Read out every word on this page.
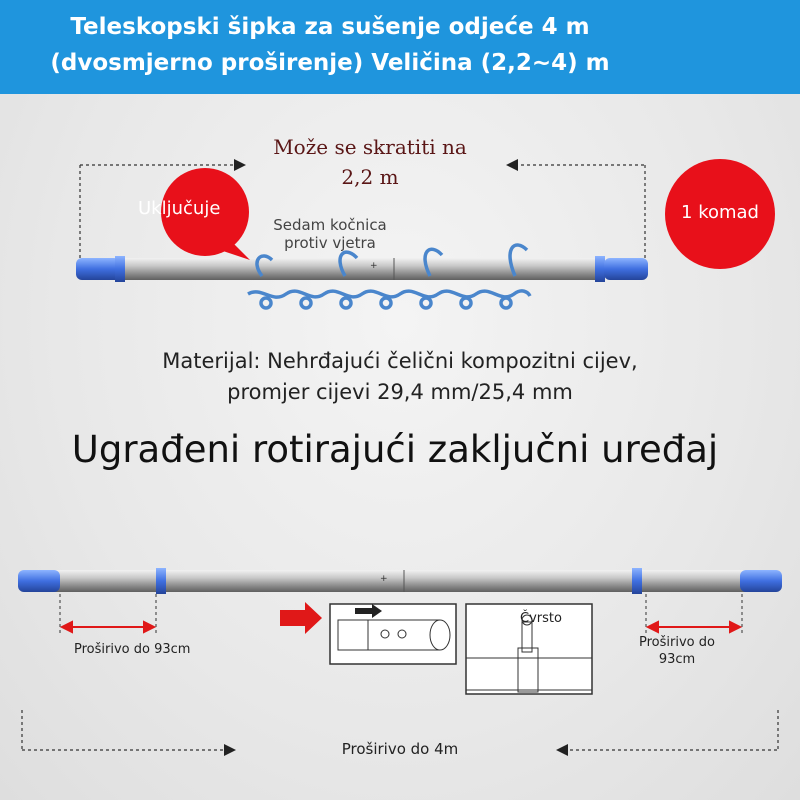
Teleskopski šipka za sušenje odjeće 4 m
(dvosmjerno proširenje) Veličina (2,2~4) m
+
Može se skratiti na
2,2 m
Uključuje
Sedam kočnica
protiv vjetra
1 komad
Materijal: Nehrđajući čelični kompozitni cijev,
promjer cijevi 29,4 mm/25,4 mm
Ugrađeni rotirajući zaključni uređaj
+
Proširivo do 93cm	Proširivo do
93cm
Čvrsto
Proširivo do 4m
